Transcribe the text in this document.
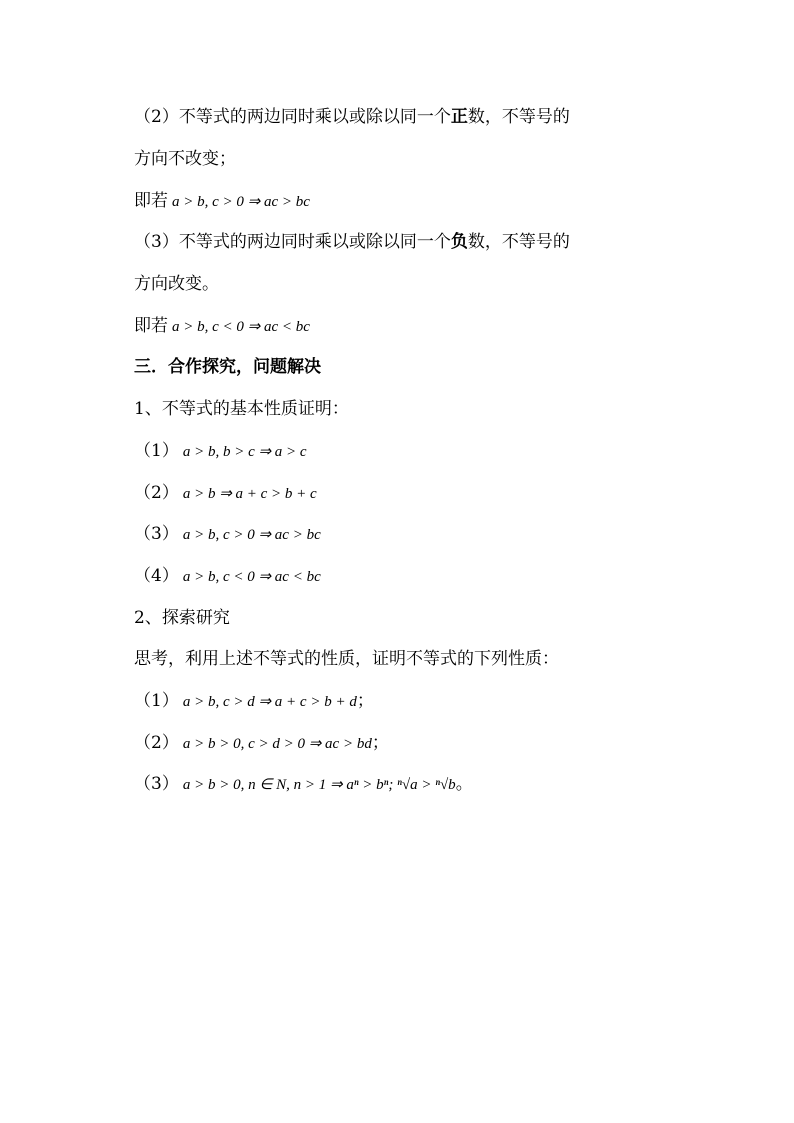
（2）不等式的两边同时乘以或除以同一个正数，不等号的
方向不改变；
即若 a > b, c > 0 ⇒ ac > bc
（3）不等式的两边同时乘以或除以同一个负数，不等号的
方向改变。
即若 a > b, c < 0 ⇒ ac < bc
三．合作探究，问题解决
1、不等式的基本性质证明：
（1） a > b, b > c ⇒ a > c
（2） a > b ⇒ a + c > b + c
（3） a > b, c > 0 ⇒ ac > bc
（4） a > b, c < 0 ⇒ ac < bc
2、探索研究
思考，利用上述不等式的性质，证明不等式的下列性质：
（1） a > b, c > d ⇒ a + c > b + d；
（2） a > b > 0, c > d > 0 ⇒ ac > bd；
（3） a > b > 0, n ∈ N, n > 1 ⇒ aⁿ > bⁿ; ⁿ√a > ⁿ√b。
